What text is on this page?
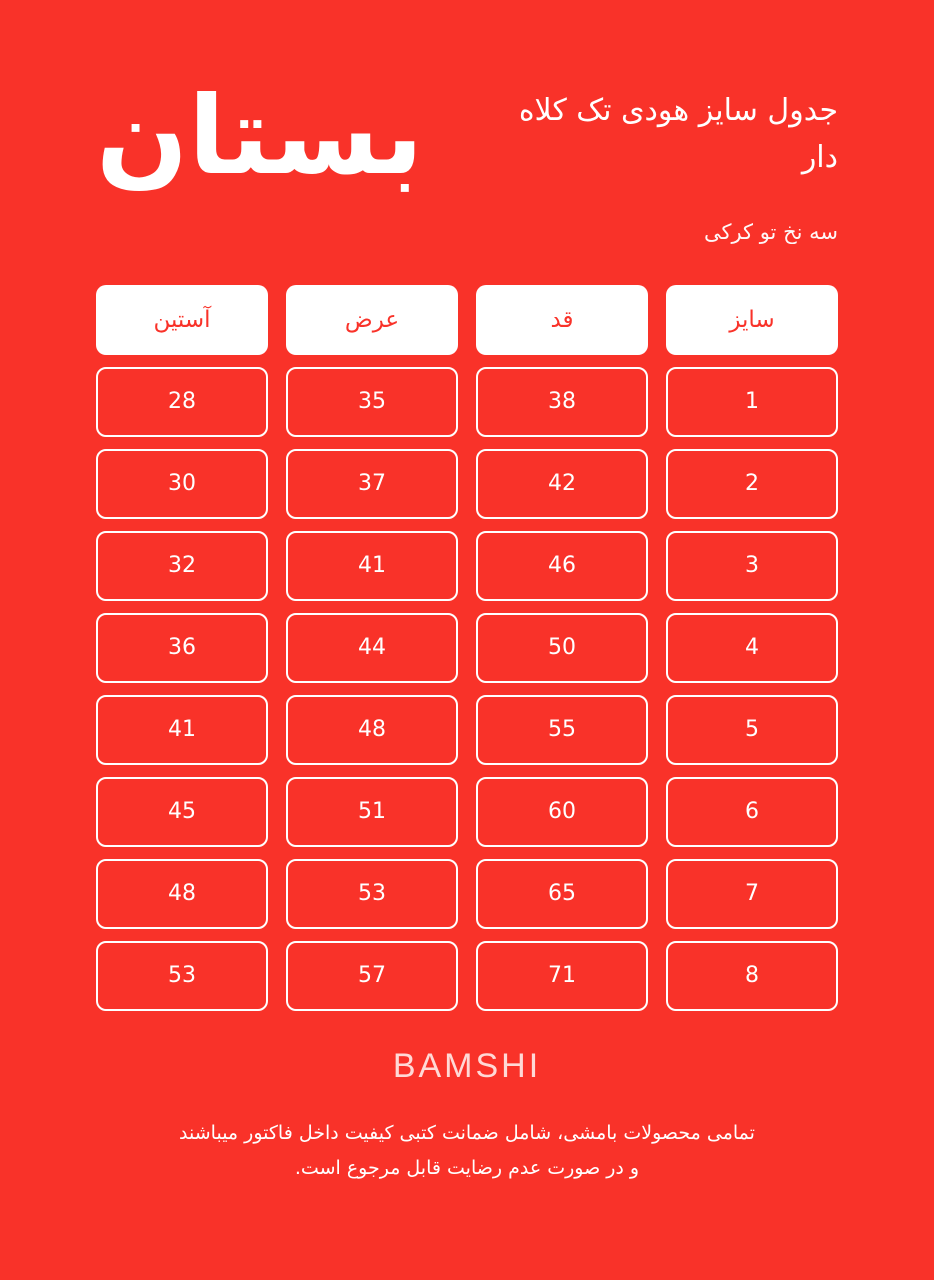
بستان	جدول سایز هودی تک کلاه دار
سه نخ تو کرکی
سایز
قد
عرض
آستین
1
38
35
28
2
42
37
30
3
46
41
32
4
50
44
36
5
55
48
41
6
60
51
45
7
65
53
48
8
71
57
53
BAMSHI
تمامی محصولات بامشی، شامل ضمانت کتبی کیفیت داخل فاکتور میباشند
و در صورت عدم رضایت قابل مرجوع است.
